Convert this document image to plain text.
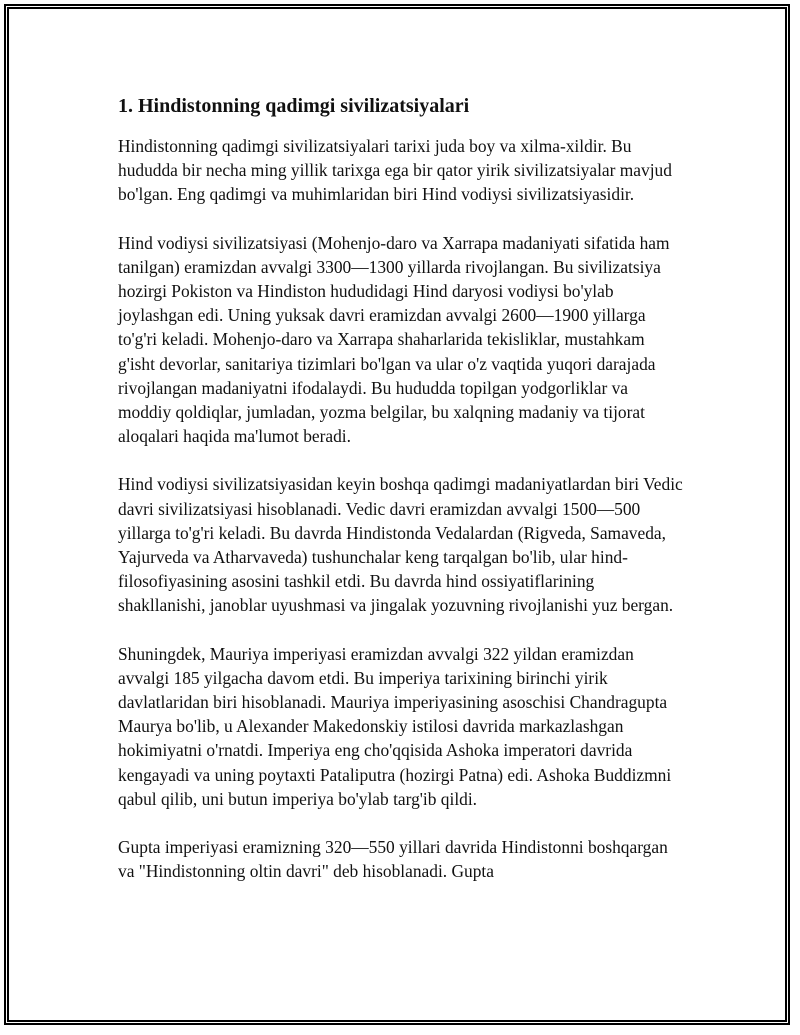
1. Hindistonning qadimgi sivilizatsiyalari

Hindistonning qadimgi sivilizatsiyalari tarixi juda boy va xilma-xildir. Bu hududda bir necha ming yillik tarixga ega bir qator yirik sivilizatsiyalar mavjud bo'lgan. Eng qadimgi va muhimlaridan biri Hind vodiysi sivilizatsiyasidir.

Hind vodiysi sivilizatsiyasi (Mohenjo-daro va Xarrapa madaniyati sifatida ham tanilgan) eramizdan avvalgi 3300—1300 yillarda rivojlangan. Bu sivilizatsiya hozirgi Pokiston va Hindiston hududidagi Hind daryosi vodiysi bo'ylab joylashgan edi. Uning yuksak davri eramizdan avvalgi 2600—1900 yillarga to'g'ri keladi. Mohenjo-daro va Xarrapa shaharlarida tekisliklar, mustahkam g'isht devorlar, sanitariya tizimlari bo'lgan va ular o'z vaqtida yuqori darajada rivojlangan madaniyatni ifodalaydi. Bu hududda topilgan yodgorliklar va moddiy qoldiqlar, jumladan, yozma belgilar, bu xalqning madaniy va tijorat aloqalari haqida ma'lumot beradi.

Hind vodiysi sivilizatsiyasidan keyin boshqa qadimgi madaniyatlardan biri Vedic davri sivilizatsiyasi hisoblanadi. Vedic davri eramizdan avvalgi 1500—500 yillarga to'g'ri keladi. Bu davrda Hindistonda Vedalardan (Rigveda, Samaveda, Yajurveda va Atharvaveda) tushunchalar keng tarqalgan bo'lib, ular hind-filosofiyasining asosini tashkil etdi. Bu davrda hind ossiyatiflarining shakllanishi, janoblar uyushmasi va jingalak yozuvning rivojlanishi yuz bergan.

Shuningdek, Mauriya imperiyasi eramizdan avvalgi 322 yildan eramizdan avvalgi 185 yilgacha davom etdi. Bu imperiya tarixining birinchi yirik davlatlaridan biri hisoblanadi. Mauriya imperiyasining asoschisi Chandragupta Maurya bo'lib, u Alexander Makedonskiy istilosi davrida markazlashgan hokimiyatni o'rnatdi. Imperiya eng cho'qqisida Ashoka imperatori davrida kengayadi va uning poytaxti Pataliputra (hozirgi Patna) edi. Ashoka Buddizmni qabul qilib, uni butun imperiya bo'ylab targ'ib qildi.

Gupta imperiyasi eramizning 320—550 yillari davrida Hindistonni boshqargan va "Hindistonning oltin davri" deb hisoblanadi. Gupta
